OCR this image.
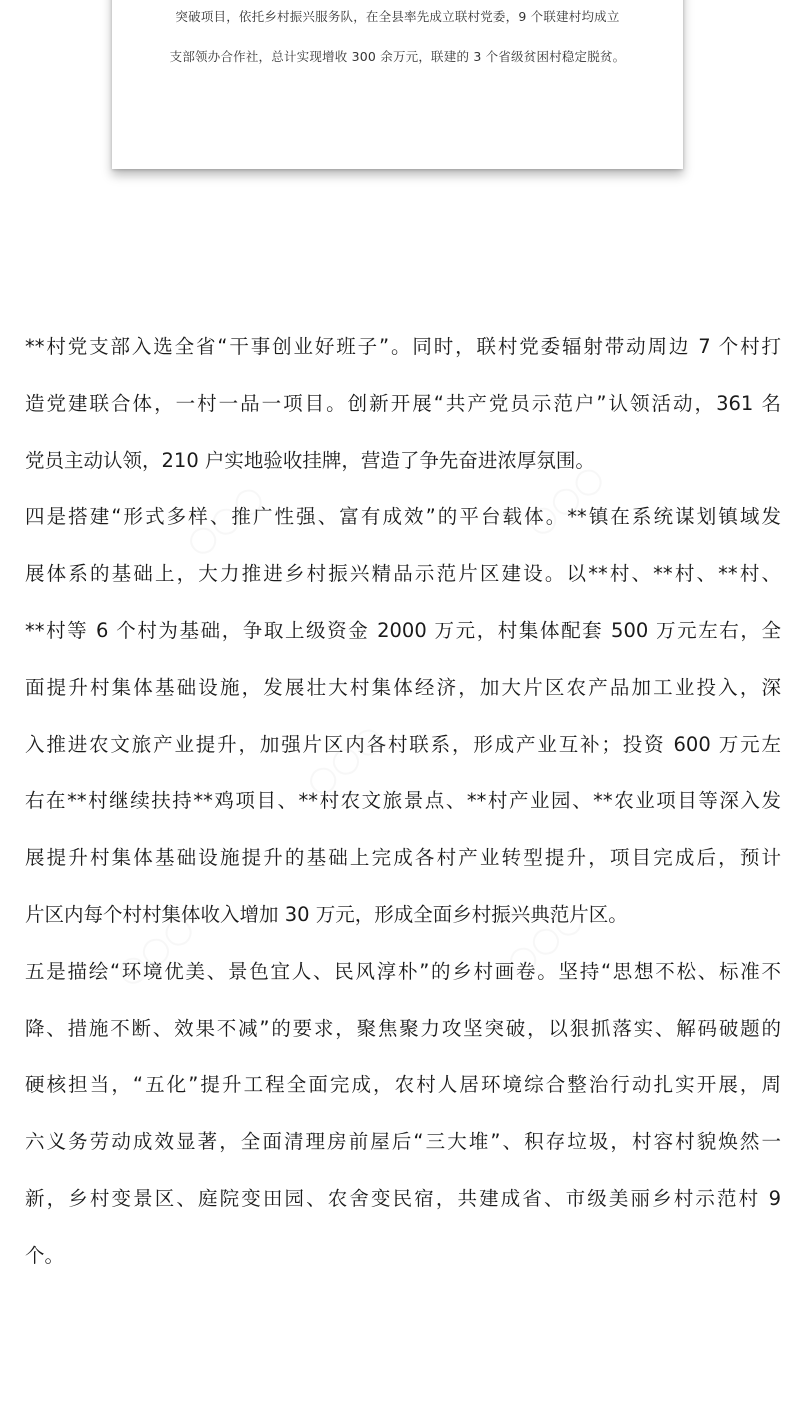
突破项目，依托乡村振兴服务队，在全县率先成立联村党委，9 个联建村均成立
支部领办合作社，总计实现增收 300 余万元，联建的 3 个省级贫困村稳定脱贫。
**村党支部入选全省“干事创业好班子”。同时，联村党委辐射带动周边 7 个村打
造党建联合体，一村一品一项目。创新开展“共产党员示范户”认领活动，361 名
党员主动认领，210 户实地验收挂牌，营造了争先奋进浓厚氛围。
四是搭建“形式多样、推广性强、富有成效”的平台载体。**镇在系统谋划镇域发
展体系的基础上，大力推进乡村振兴精品示范片区建设。以**村、**村、**村、
**村等 6 个村为基础，争取上级资金 2000 万元，村集体配套 500 万元左右，全
面提升村集体基础设施，发展壮大村集体经济，加大片区农产品加工业投入，深
入推进农文旅产业提升，加强片区内各村联系，形成产业互补；投资 600 万元左
右在**村继续扶持**鸡项目、**村农文旅景点、**村产业园、**农业项目等深入发
展提升村集体基础设施提升的基础上完成各村产业转型提升，项目完成后，预计
片区内每个村村集体收入增加 30 万元，形成全面乡村振兴典范片区。
五是描绘“环境优美、景色宜人、民风淳朴”的乡村画卷。坚持“思想不松、标准不
降、措施不断、效果不减”的要求，聚焦聚力攻坚突破，以狠抓落实、解码破题的
硬核担当，“五化”提升工程全面完成，农村人居环境综合整治行动扎实开展，周
六义务劳动成效显著，全面清理房前屋后“三大堆”、积存垃圾，村容村貌焕然一
新，乡村变景区、庭院变田园、农舍变民宿，共建成省、市级美丽乡村示范村 9
个。
○○○	○○○
○○○
○○○	○○○
